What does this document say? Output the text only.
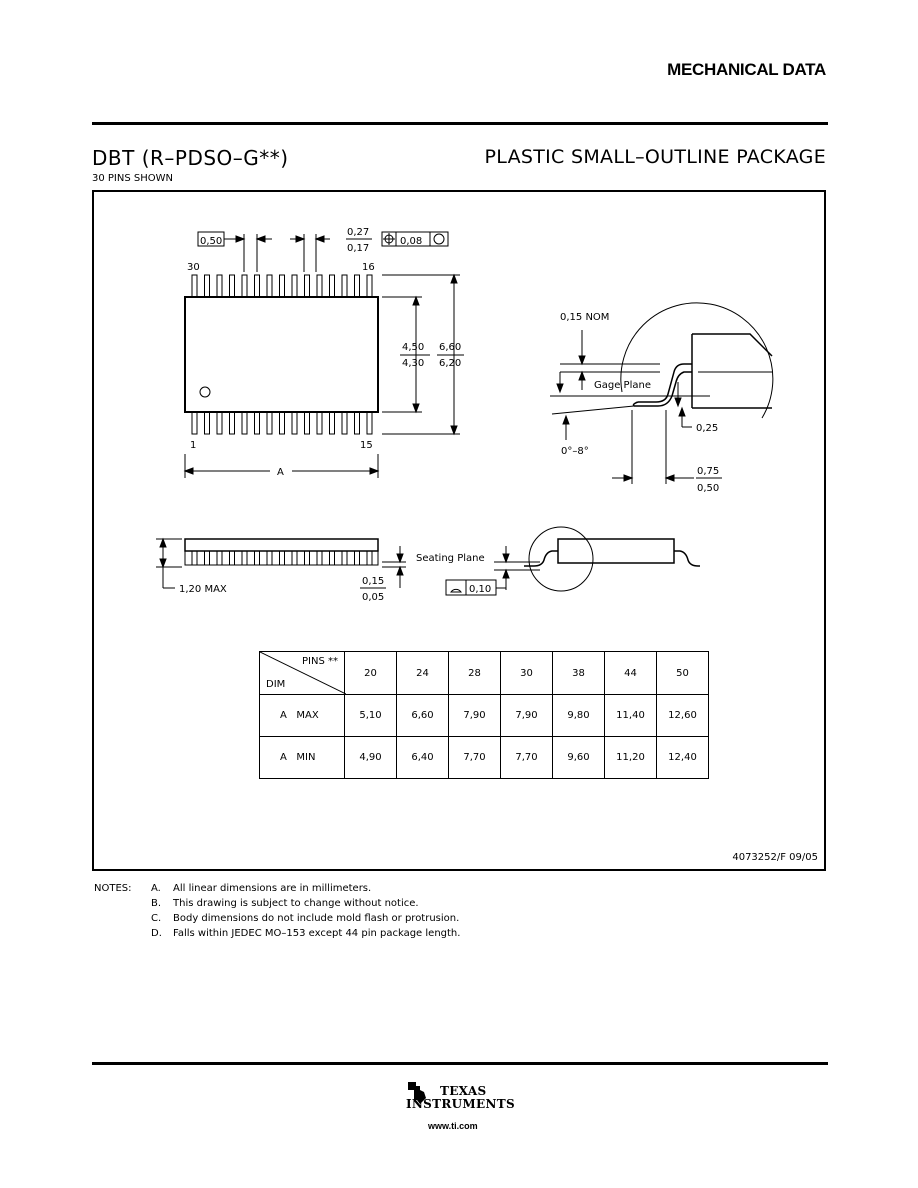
MECHANICAL DATA
DBT (R–PDSO–G**)	PLASTIC SMALL–OUTLINE PACKAGE
30 PINS SHOWN
0,50
0,27
0,17
0,08
30	16
1	15
4,50
4,30
6,60
6,20
A
0,15 NOM
Gage Plane
0°–8°
0,25
0,75
0,50
1,20 MAX
0,15
0,05
Seating Plane
0,10
PINS **
DIM	20	24	28	30	38	44	50
A   MAX	5,10	6,60	7,90	7,90	9,80	11,40	12,60
A   MIN	4,90	6,40	7,70	7,70	9,60	11,20	12,40
4073252/F 09/05
NOTES: A. All linear dimensions are in millimeters.
B. This drawing is subject to change without notice.
C. Body dimensions do not include mold flash or protrusion.
D. Falls within JEDEC MO–153 except 44 pin package length.
TEXAS
INSTRUMENTS
www.ti.com
